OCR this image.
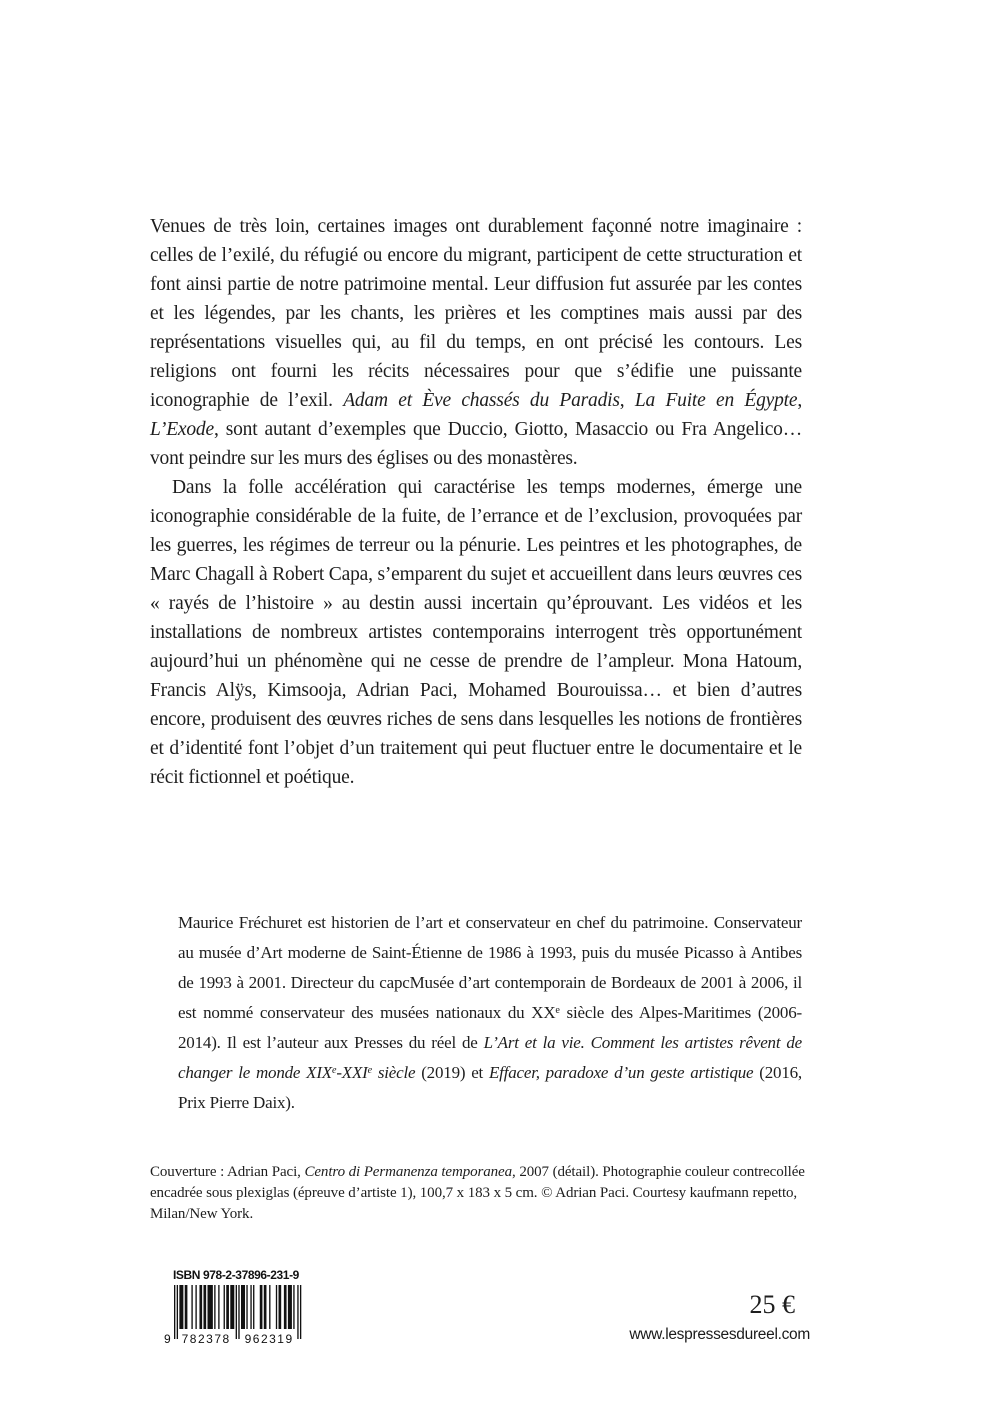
Venues de très loin, certaines images ont durablement façonné notre imaginaire : celles de l’exilé, du réfugié ou encore du migrant, participent de cette structuration et font ainsi partie de notre patrimoine mental. Leur diffusion fut assurée par les contes et les légendes, par les chants, les prières et les comptines mais aussi par des représentations visuelles qui, au fil du temps, en ont précisé les contours. Les religions ont fourni les récits nécessaires pour que s’édifie une puissante iconographie de l’exil. Adam et Ève chassés du Paradis, La Fuite en Égypte, L’Exode, sont autant d’exemples que Duccio, Giotto, Masaccio ou Fra Angelico… vont peindre sur les murs des églises ou des monastères.

Dans la folle accélération qui caractérise les temps modernes, émerge une iconographie considérable de la fuite, de l’errance et de l’exclusion, provoquées par les guerres, les régimes de terreur ou la pénurie. Les peintres et les photographes, de Marc Chagall à Robert Capa, s’emparent du sujet et accueillent dans leurs œuvres ces « rayés de l’histoire » au destin aussi incertain qu’éprouvant. Les vidéos et les installations de nombreux artistes contemporains interrogent très opportunément aujourd’hui un phénomène qui ne cesse de prendre de l’ampleur. Mona Hatoum, Francis Alÿs, Kimsooja, Adrian Paci, Mohamed Bourouissa… et bien d’autres encore, produisent des œuvres riches de sens dans lesquelles les notions de frontières et d’identité font l’objet d’un traitement qui peut fluctuer entre le documentaire et le récit fictionnel et poétique.

Maurice Fréchuret est historien de l’art et conservateur en chef du patrimoine. Conservateur au musée d’Art moderne de Saint-Étienne de 1986 à 1993, puis du musée Picasso à Antibes de 1993 à 2001. Directeur du capcMusée d’art contemporain de Bordeaux de 2001 à 2006, il est nommé conservateur des musées nationaux du XXe siècle des Alpes-Maritimes (2006-2014). Il est l’auteur aux Presses du réel de L’Art et la vie. Comment les artistes rêvent de changer le monde XIXe-XXIe siècle (2019) et Effacer, paradoxe d’un geste artistique (2016, Prix Pierre Daix).
Couverture : Adrian Paci, Centro di Permanenza temporanea, 2007 (détail). Photographie couleur contrecollée encadrée sous plexiglas (épreuve d’artiste 1), 100,7 x 183 x 5 cm. © Adrian Paci. Courtesy kaufmann repetto, Milan/New York.
ISBN 978-2-37896-231-9
9 782378 962319
25 €
www.lespressesdureel.com
